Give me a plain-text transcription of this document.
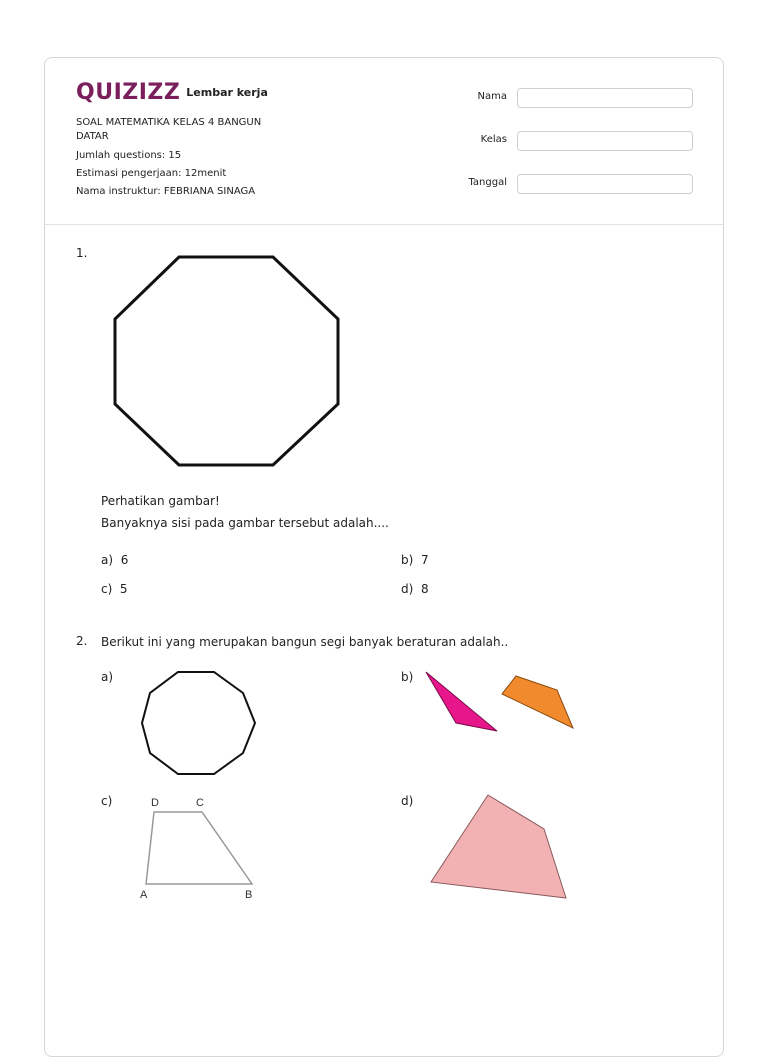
QUIZIZZ Lembar kerja
SOAL MATEMATIKA KELAS 4 BANGUN DATAR
Jumlah questions: 15
Estimasi pengerjaan: 12menit
Nama instruktur: FEBRIANA SINAGA
Nama
Kelas
Tanggal
1.
Perhatikan gambar!
Banyaknya sisi pada gambar tersebut adalah....
a) 6	b) 7
c) 5	d) 8
2. Berikut ini yang merupakan bangun segi banyak beraturan adalah..
a)	b)
c)	d)
D	C
A	B
